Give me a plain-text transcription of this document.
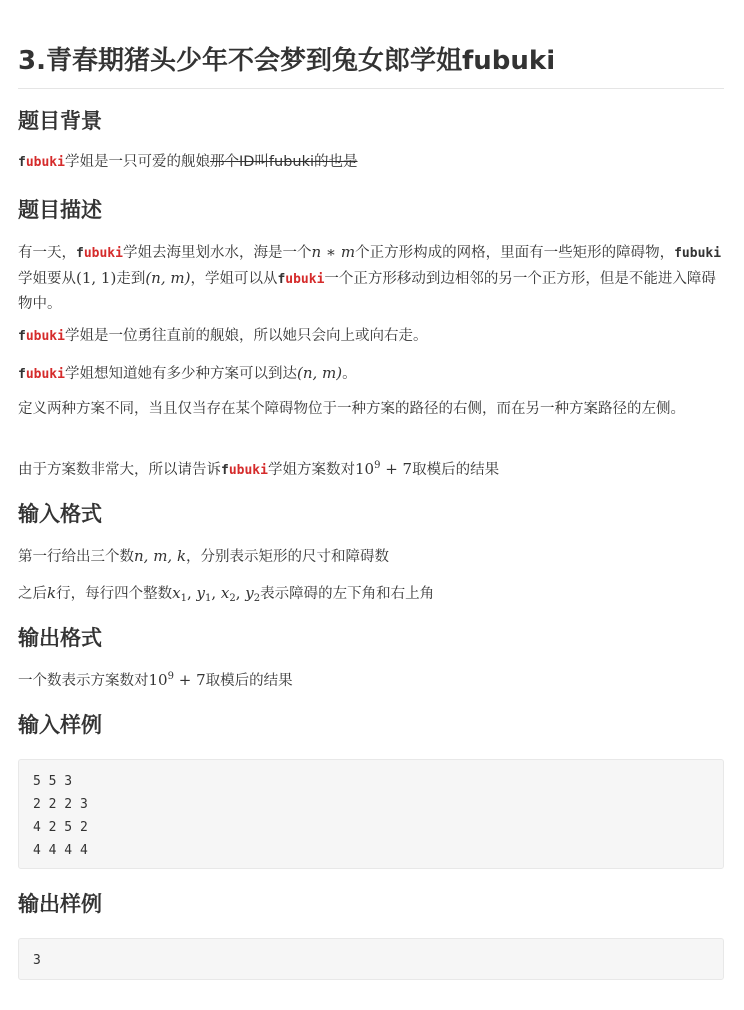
3.青春期猪头少年不会梦到兔女郎学姐fubuki
题目背景

fubuki学姐是一只可爱的舰娘那个ID叫fubuki的也是

题目描述

有一天，fubuki学姐去海里划水水，海是一个n ∗ m个正方形构成的网格，里面有一些矩形的障碍物，fubuki学姐要从(1, 1)走到(n, m)，学姐可以从fubuki一个正方形移动到边相邻的另一个正方形，但是不能进入障碍物中。

fubuki学姐是一位勇往直前的舰娘，所以她只会向上或向右走。

fubuki学姐想知道她有多少种方案可以到达(n, m)。

定义两种方案不同，当且仅当存在某个障碍物位于一种方案的路径的右侧，而在另一种方案路径的左侧。

由于方案数非常大，所以请告诉fubuki学姐方案数对$10^9 + 7$取模后的结果

输入格式

第一行给出三个数n, m, k，分别表示矩形的尺寸和障碍数

之后k行，每行四个整数$x_1$, $y_1$, $x_2$, $y_2$表示障碍的左下角和右上角

输出格式

一个数表示方案数对$10^9 + 7$取模后的结果

输入样例
5 5 3
2 2 2 3
4 2 5 2
4 4 4 4
输出样例
3
